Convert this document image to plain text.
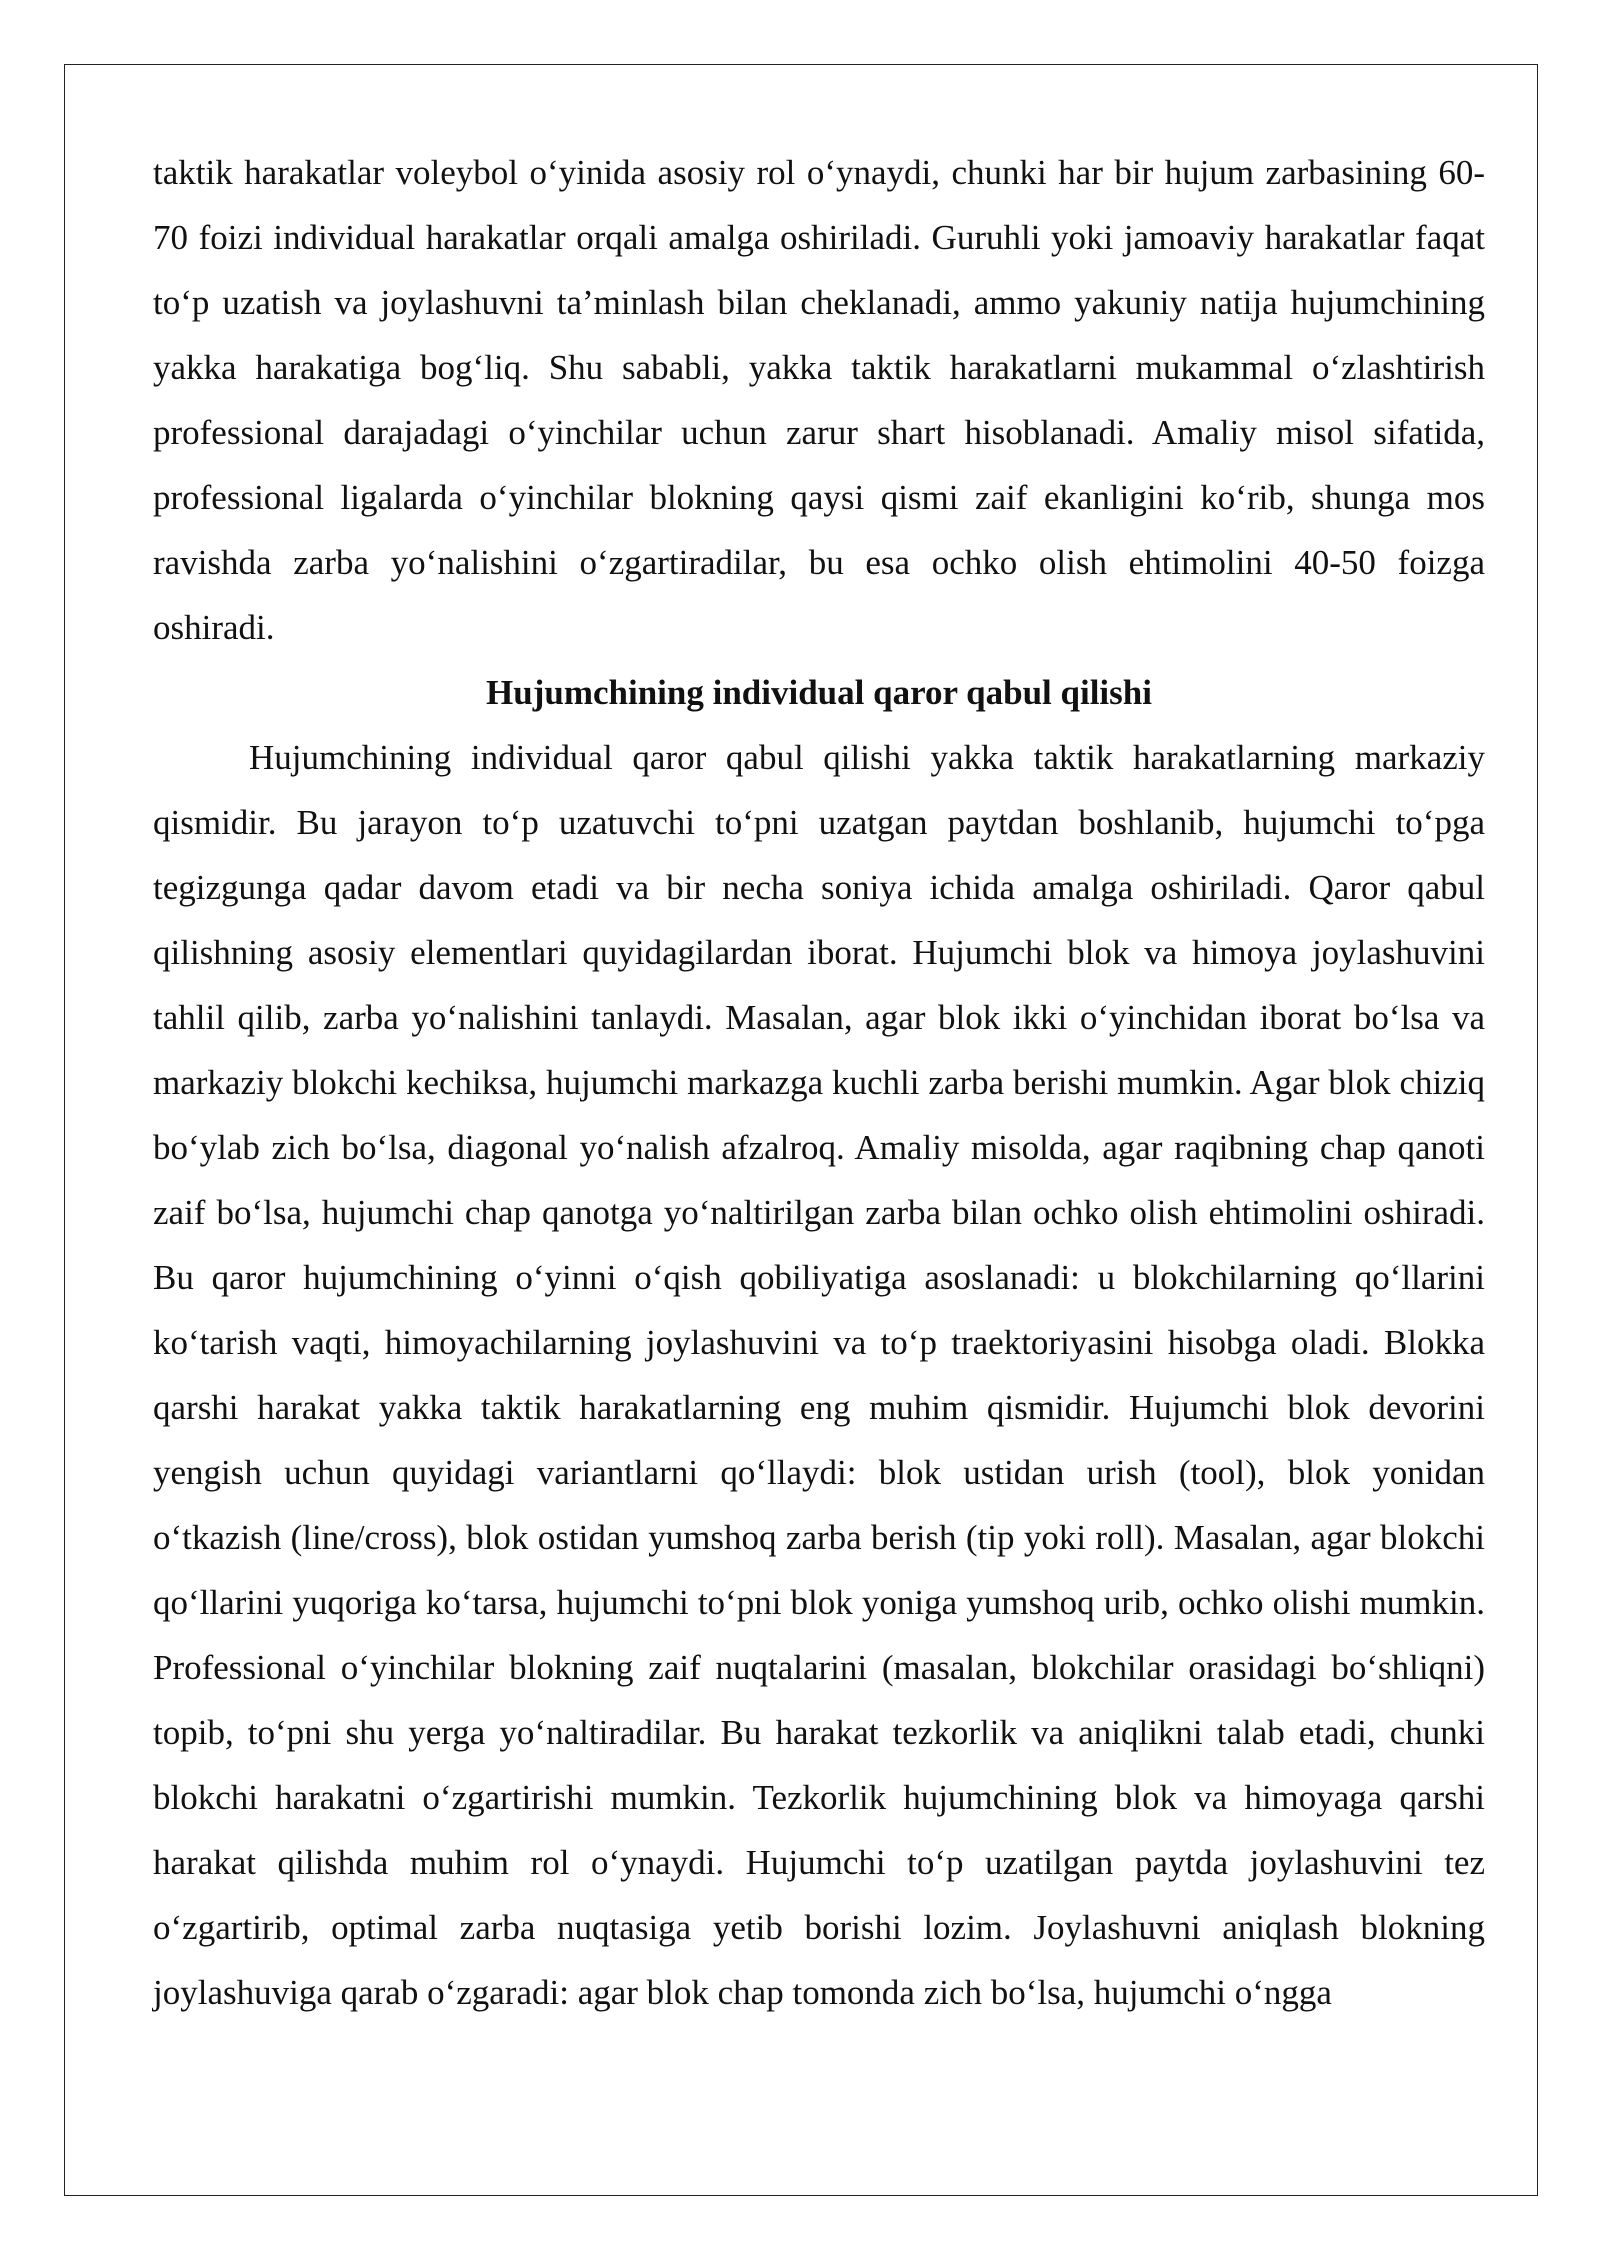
taktik harakatlar voleybol o‘yinida asosiy rol o‘ynaydi, chunki har bir hujum zarbasining 60-70 foizi individual harakatlar orqali amalga oshiriladi. Guruhli yoki jamoaviy harakatlar faqat to‘p uzatish va joylashuvni ta’minlash bilan cheklanadi, ammo yakuniy natija hujumchining yakka harakatiga bog‘liq. Shu sababli, yakka taktik harakatlarni mukammal o‘zlashtirish professional darajadagi o‘yinchilar uchun zarur shart hisoblanadi. Amaliy misol sifatida, professional ligalarda o‘yinchilar blokning qaysi qismi zaif ekanligini ko‘rib, shunga mos ravishda zarba yo‘nalishini o‘zgartiradilar, bu esa ochko olish ehtimolini 40-50 foizga oshiradi.

Hujumchining individual qaror qabul qilishi

Hujumchining individual qaror qabul qilishi yakka taktik harakatlarning markaziy qismidir. Bu jarayon to‘p uzatuvchi to‘pni uzatgan paytdan boshlanib, hujumchi to‘pga tegizgunga qadar davom etadi va bir necha soniya ichida amalga oshiriladi. Qaror qabul qilishning asosiy elementlari quyidagilardan iborat. Hujumchi blok va himoya joylashuvini tahlil qilib, zarba yo‘nalishini tanlaydi. Masalan, agar blok ikki o‘yinchidan iborat bo‘lsa va markaziy blokchi kechiksa, hujumchi markazga kuchli zarba berishi mumkin. Agar blok chiziq bo‘ylab zich bo‘lsa, diagonal yo‘nalish afzalroq. Amaliy misolda, agar raqibning chap qanoti zaif bo‘lsa, hujumchi chap qanotga yo‘naltirilgan zarba bilan ochko olish ehtimolini oshiradi. Bu qaror hujumchining o‘yinni o‘qish qobiliyatiga asoslanadi: u blokchilarning qo‘llarini ko‘tarish vaqti, himoyachilarning joylashuvini va to‘p traektoriyasini hisobga oladi. Blokka qarshi harakat yakka taktik harakatlarning eng muhim qismidir. Hujumchi blok devorini yengish uchun quyidagi variantlarni qo‘llaydi: blok ustidan urish (tool), blok yonidan o‘tkazish (line/cross), blok ostidan yumshoq zarba berish (tip yoki roll). Masalan, agar blokchi qo‘llarini yuqoriga ko‘tarsa, hujumchi to‘pni blok yoniga yumshoq urib, ochko olishi mumkin. Professional o‘yinchilar blokning zaif nuqtalarini (masalan, blokchilar orasidagi bo‘shliqni) topib, to‘pni shu yerga yo‘naltiradilar. Bu harakat tezkorlik va aniqlikni talab etadi, chunki blokchi harakatni o‘zgartirishi mumkin. Tezkorlik hujumchining blok va himoyaga qarshi harakat qilishda muhim rol o‘ynaydi. Hujumchi to‘p uzatilgan paytda joylashuvini tez o‘zgartirib, optimal zarba nuqtasiga yetib borishi lozim. Joylashuvni aniqlash blokning joylashuviga qarab o‘zgaradi: agar blok chap tomonda zich bo‘lsa, hujumchi o‘ngga
